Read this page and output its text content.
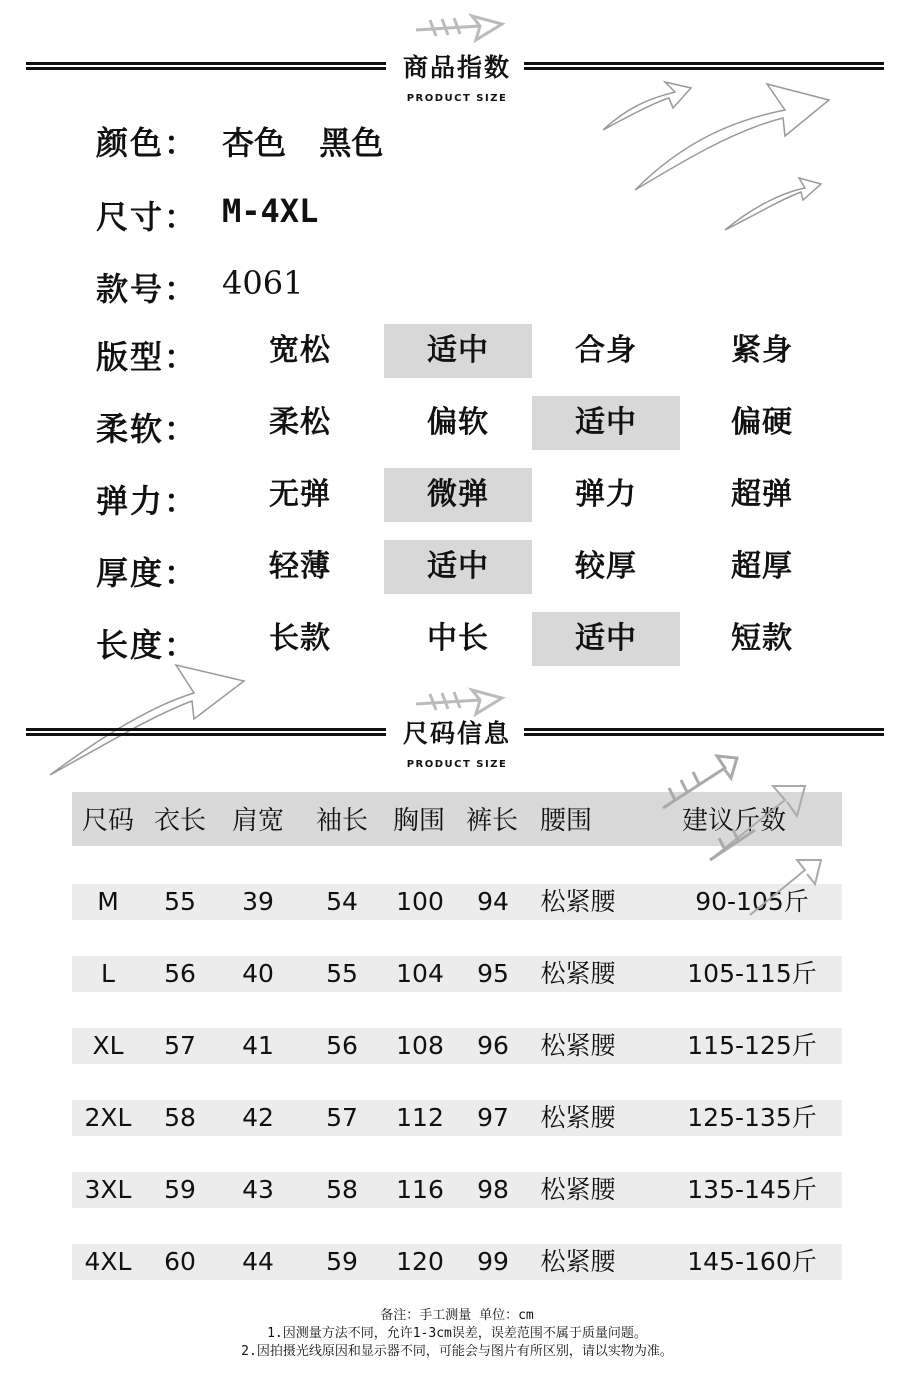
商品指数
PRODUCT SIZE
颜色： 杏色   黑色
尺寸： M-4XL
款号： 4061
版型：	宽松	适中	合身	紧身
柔软：	柔松	偏软	适中	偏硬
弹力：	无弹	微弹	弹力	超弹
厚度：	轻薄	适中	较厚	超厚
长度：	长款	中长	适中	短款
尺码信息
PRODUCT SIZE
尺码 衣长 肩宽 袖长 胸围 裤长 腰围	建议斤数
M	55	39	54	100	94	松紧腰	90-105斤
L	56	40	55	104	95	松紧腰	105-115斤
XL	57	41	56	108	96	松紧腰	115-125斤
2XL	58	42	57	112	97	松紧腰	125-135斤
3XL	59	43	58	116	98	松紧腰	135-145斤
4XL	60	44	59	120	99	松紧腰	145-160斤
备注：手工测量 单位：cm
1.因测量方法不同，允许1-3cm误差，误差范围不属于质量问题。
2.因拍摄光线原因和显示器不同，可能会与图片有所区别，请以实物为准。
